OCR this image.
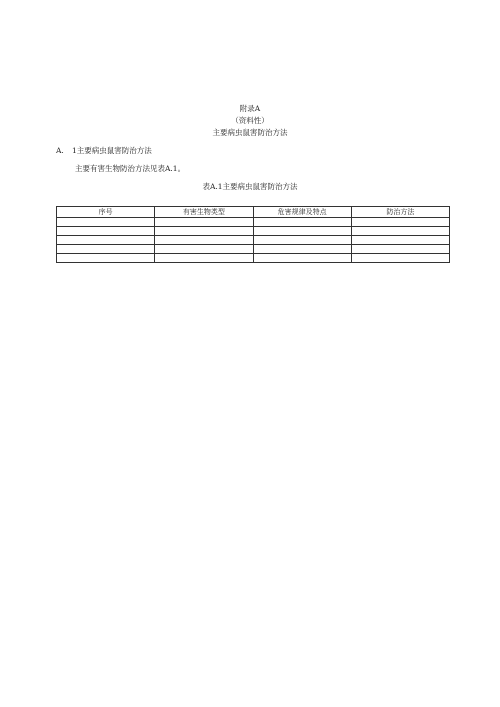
附录A
（资料性）
主要病虫鼠害防治方法
A. 1主要病虫鼠害防治方法
主要有害生物防治方法见表A.1。
表A.1主要病虫鼠害防治方法
序号	有害生物类型	危害规律及特点	防治方法
